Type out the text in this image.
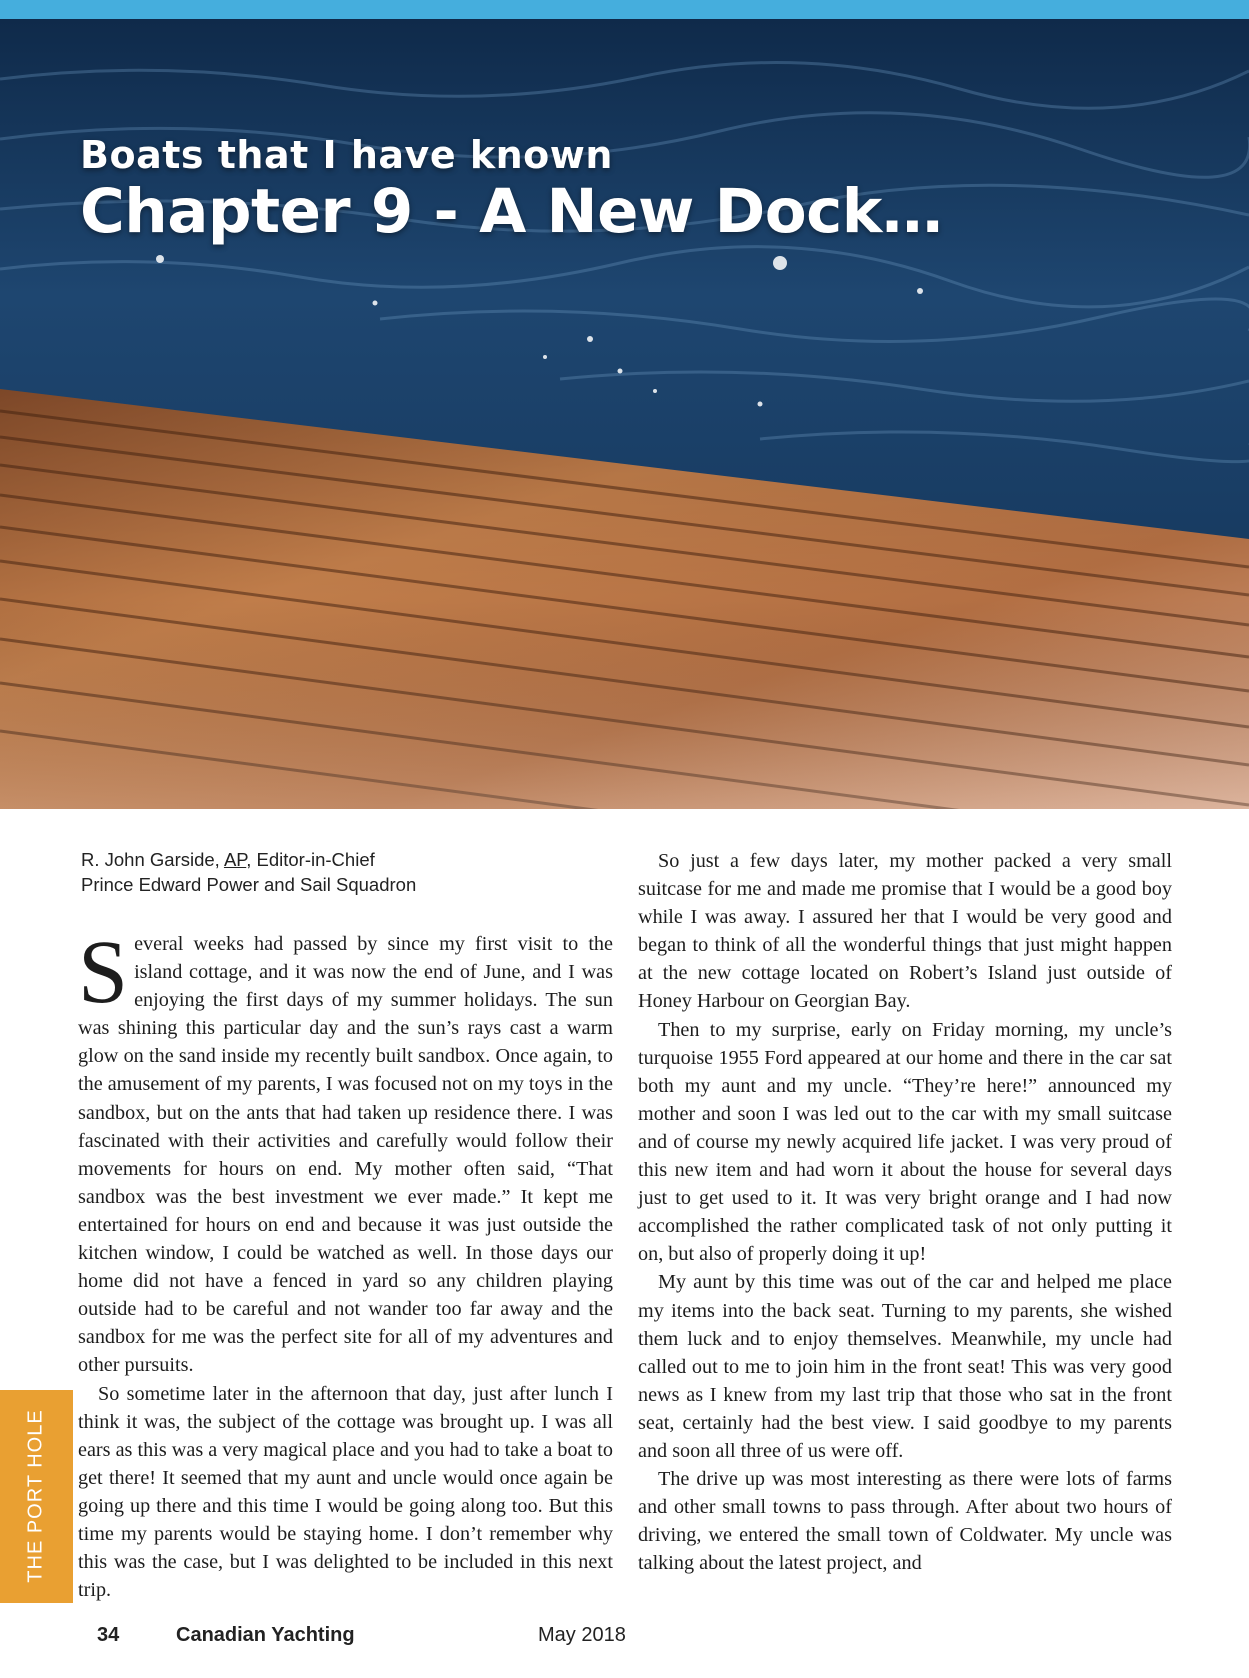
Boats that I have known
Chapter 9 - A New Dock…
R. John Garside, AP, Editor-in-Chief
Prince Edward Power and Sail Squadron

Several weeks had passed by since my first visit to the island cottage, and it was now the end of June, and I was enjoying the first days of my summer holidays. The sun was shining this particular day and the sun’s rays cast a warm glow on the sand inside my recently built sandbox. Once again, to the amusement of my parents, I was focused not on my toys in the sandbox, but on the ants that had taken up residence there. I was fascinated with their activities and carefully would follow their movements for hours on end. My mother often said, “That sandbox was the best investment we ever made.” It kept me entertained for hours on end and because it was just outside the kitchen window, I could be watched as well. In those days our home did not have a fenced in yard so any children playing outside had to be careful and not wander too far away and the sandbox for me was the perfect site for all of my adventures and other pursuits.

So sometime later in the afternoon that day, just after lunch I think it was, the subject of the cottage was brought up. I was all ears as this was a very magical place and you had to take a boat to get there! It seemed that my aunt and uncle would once again be going up there and this time I would be going along too. But this time my parents would be staying home. I don’t remember why this was the case, but I was delighted to be included in this next trip.

So just a few days later, my mother packed a very small suitcase for me and made me promise that I would be a good boy while I was away. I assured her that I would be very good and began to think of all the wonderful things that just might happen at the new cottage located on Robert’s Island just outside of Honey Harbour on Georgian Bay.

Then to my surprise, early on Friday morning, my uncle’s turquoise 1955 Ford appeared at our home and there in the car sat both my aunt and my uncle. “They’re here!” announced my mother and soon I was led out to the car with my small suitcase and of course my newly acquired life jacket. I was very proud of this new item and had worn it about the house for several days just to get used to it. It was very bright orange and I had now accomplished the rather complicated task of not only putting it on, but also of properly doing it up!

My aunt by this time was out of the car and helped me place my items into the back seat. Turning to my parents, she wished them luck and to enjoy themselves. Meanwhile, my uncle had called out to me to join him in the front seat! This was very good news as I knew from my last trip that those who sat in the front seat, certainly had the best view. I said goodbye to my parents and soon all three of us were off.

The drive up was most interesting as there were lots of farms and other small towns to pass through. After about two hours of driving, we entered the small town of Coldwater. My uncle was talking about the latest project, and

THE PORT HOLE
34	Canadian Yachting	May 2018
